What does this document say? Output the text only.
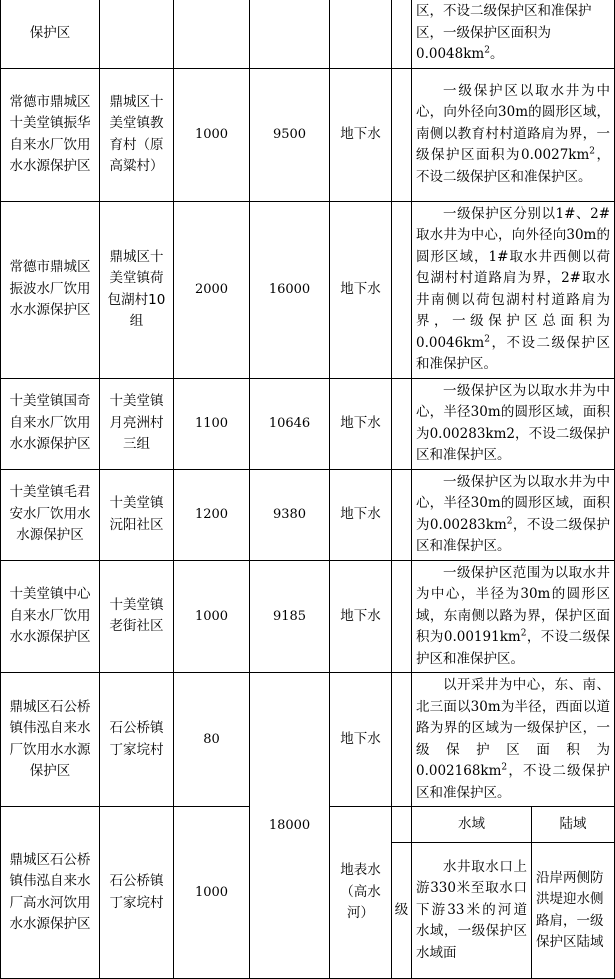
保护区						区，不设二级保护区和准保护区，一级保护区面积为$0.0048km^2$。	

常德市鼎城区十美堂镇振华自来水厂饮用水水源保护区	鼎城区十美堂镇教育村（原高粱村）	1000	9500	地下水		一级保护区以取水井为中心，向外径向30m的圆形区域，南侧以教育村村道路肩为界，一级保护区面积为$0.0027km^2$，不设二级保护区和准保护区。	

常德市鼎城区振波水厂饮用水水源保护区	鼎城区十美堂镇荷包湖村10组	2000	16000	地下水		一级保护区分别以1#、2#取水井为中心，向外径向30m的圆形区域，1#取水井西侧以荷包湖村村道路肩为界，2#取水井南侧以荷包湖村村道路肩为界，一级保护区总面积为$0.0046km^2$，不设二级保护区和准保护区。	

十美堂镇国奇自来水厂饮用水水源保护区	十美堂镇月亮洲村三组	1100	10646	地下水		一级保护区为以取水井为中心，半径30m的圆形区域，面积为0.00283km2，不设二级保护区和准保护区。	

十美堂镇毛君安水厂饮用水水源保护区	十美堂镇沅阳社区	1200	9380	地下水		一级保护区为以取水井为中心，半径30m的圆形区域，面积为$0.00283km^2$，不设二级保护区和准保护区。	

十美堂镇中心自来水厂饮用水水源保护区	十美堂镇老街社区	1000	9185	地下水		一级保护区范围为以取水井为中心，半径为30m的圆形区域，东南侧以路为界，保护区面积为$0.00191km^2$，不设二级保护区和准保护区。	

鼎城区石公桥镇伟泓自来水厂饮用水水源保护区	石公桥镇丁家垸村	80	18000	地下水		以开采井为中心，东、南、北三面以30m为半径，西面以道路为界的区域为一级保护区，一级保护区面积为$0.002168km^2$，不设二级保护区和准保护区。	

鼎城区石公桥镇伟泓自来水厂高水河饮用水水源保护区	石公桥镇丁家垸村	1000		地表水（高水河）		水域	陆域
					级	水井取水口上游330米至取水口下游33米的河道水域，一级保护区水域面	沿岸两侧防洪堤迎水侧路肩，一级保护区陆域
